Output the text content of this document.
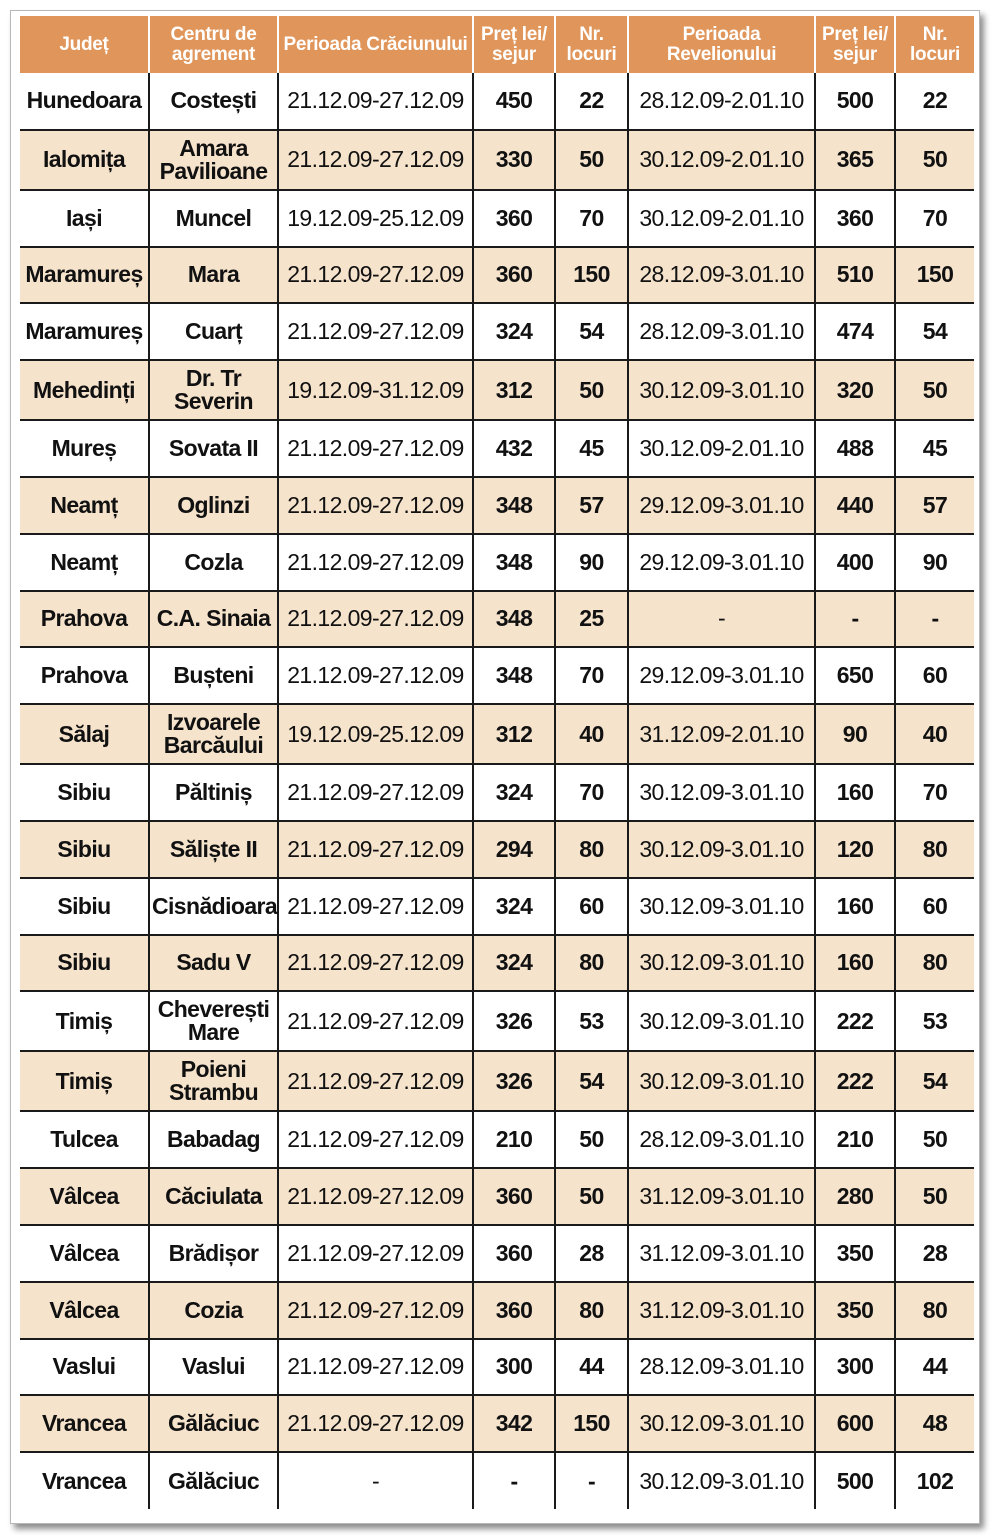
Județ	Centru de agrement	Perioada Crăciunului	Preț lei/ sejur	Nr. locuri	Perioada Revelionului	Preț lei/ sejur	Nr. locuri
Hunedoara	Costești	21.12.09-27.12.09	450	22	28.12.09-2.01.10	500	22
Ialomița	Amara Pavilioane	21.12.09-27.12.09	330	50	30.12.09-2.01.10	365	50
Iași	Muncel	19.12.09-25.12.09	360	70	30.12.09-2.01.10	360	70
Maramureș	Mara	21.12.09-27.12.09	360	150	28.12.09-3.01.10	510	150
Maramureș	Cuarț	21.12.09-27.12.09	324	54	28.12.09-3.01.10	474	54
Mehedinți	Dr. Tr Severin	19.12.09-31.12.09	312	50	30.12.09-3.01.10	320	50
Mureș	Sovata II	21.12.09-27.12.09	432	45	30.12.09-2.01.10	488	45
Neamț	Oglinzi	21.12.09-27.12.09	348	57	29.12.09-3.01.10	440	57
Neamț	Cozla	21.12.09-27.12.09	348	90	29.12.09-3.01.10	400	90
Prahova	C.A. Sinaia	21.12.09-27.12.09	348	25	-	-	-
Prahova	Bușteni	21.12.09-27.12.09	348	70	29.12.09-3.01.10	650	60
Sălaj	Izvoarele Barcăului	19.12.09-25.12.09	312	40	31.12.09-2.01.10	90	40
Sibiu	Păltiniș	21.12.09-27.12.09	324	70	30.12.09-3.01.10	160	70
Sibiu	Săliște II	21.12.09-27.12.09	294	80	30.12.09-3.01.10	120	80
Sibiu	Cisnădioara	21.12.09-27.12.09	324	60	30.12.09-3.01.10	160	60
Sibiu	Sadu V	21.12.09-27.12.09	324	80	30.12.09-3.01.10	160	80
Timiș	Cheverești Mare	21.12.09-27.12.09	326	53	30.12.09-3.01.10	222	53
Timiș	Poieni Strambu	21.12.09-27.12.09	326	54	30.12.09-3.01.10	222	54
Tulcea	Babadag	21.12.09-27.12.09	210	50	28.12.09-3.01.10	210	50
Vâlcea	Căciulata	21.12.09-27.12.09	360	50	31.12.09-3.01.10	280	50
Vâlcea	Brădișor	21.12.09-27.12.09	360	28	31.12.09-3.01.10	350	28
Vâlcea	Cozia	21.12.09-27.12.09	360	80	31.12.09-3.01.10	350	80
Vaslui	Vaslui	21.12.09-27.12.09	300	44	28.12.09-3.01.10	300	44
Vrancea	Gălăciuc	21.12.09-27.12.09	342	150	30.12.09-3.01.10	600	48
Vrancea	Gălăciuc	-	-	-	30.12.09-3.01.10	500	102
